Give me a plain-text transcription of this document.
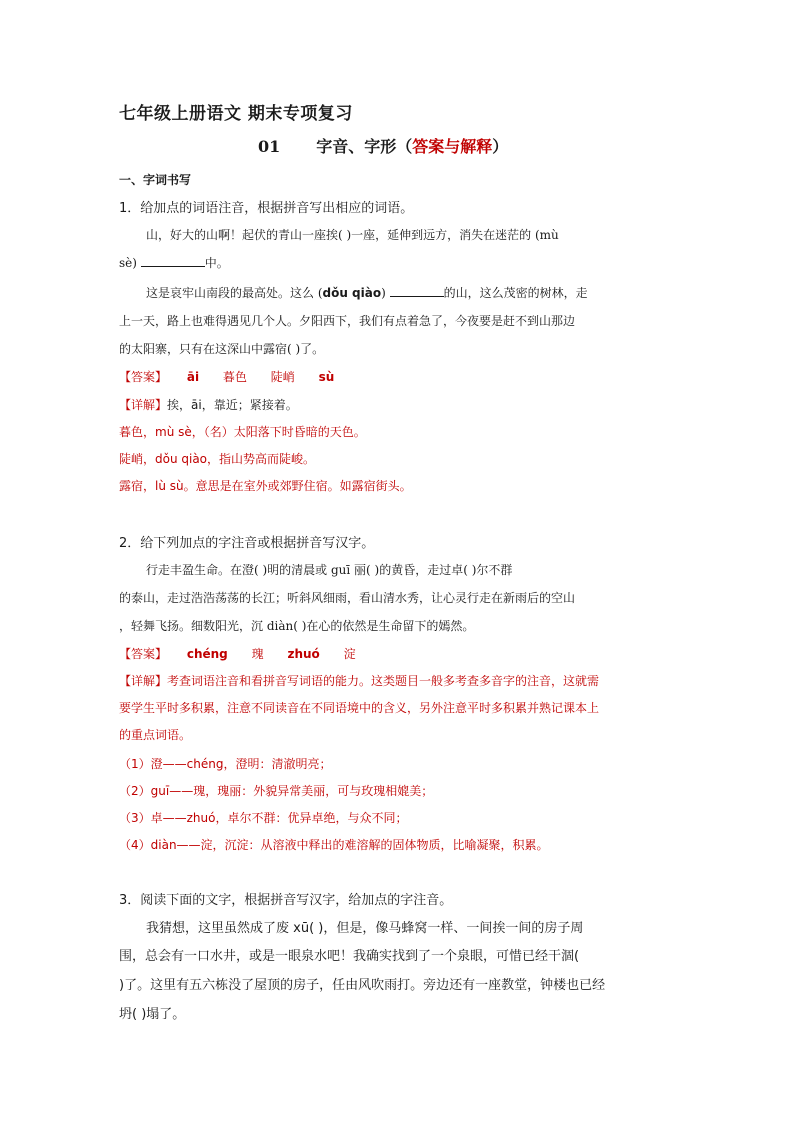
七年级上册语文 期末专项复习
01 字音、字形（答案与解释）
一、字词书写
1．给加点的词语注音，根据拼音写出相应的词语。
山，好大的山啊！起伏的青山一座挨( )一座，延伸到远方，消失在迷茫的 (mù
sè)	中。
这是哀牢山南段的最高处。这么 (dǒu qiào)	的山，这么茂密的树林，走
上一天，路上也难得遇见几个人。夕阳西下，我们有点着急了，今夜要是赶不到山那边
的太阳寨，只有在这深山中露宿( )了。
【答案】 āi 暮色 陡峭 sù
【详解】挨，āi，靠近；紧接着。
暮色，mù sè，（名）太阳落下时昏暗的天色。
陡峭，dǒu qiào，指山势高而陡峻。
露宿，lù sù。意思是在室外或郊野住宿。如露宿街头。
2．给下列加点的字注音或根据拼音写汉字。
行走丰盈生命。在澄( )明的清晨或 guī 丽( )的黄昏，走过卓( )尔不群
的泰山，走过浩浩荡荡的长江；听斜风细雨，看山清水秀，让心灵行走在新雨后的空山
，轻舞飞扬。细数阳光，沉 diàn( )在心的依然是生命留下的嫣然。
【答案】 chéng 瑰 zhuó 淀
【详解】考查词语注音和看拼音写词语的能力。这类题目一般多考查多音字的注音，这就需
要学生平时多积累，注意不同读音在不同语境中的含义，另外注意平时多积累并熟记课本上
的重点词语。
（1）澄——chéng，澄明：清澈明亮；
（2）guī——瑰，瑰丽：外貌异常美丽，可与玫瑰相媲美；
（3）卓——zhuó，卓尔不群：优异卓绝，与众不同；
（4）diàn——淀，沉淀：从溶液中释出的难溶解的固体物质，比喻凝聚，积累。
3．阅读下面的文字，根据拼音写汉字，给加点的字注音。
我猜想，这里虽然成了废 xū( )，但是，像马蜂窝一样、一间挨一间的房子周
围，总会有一口水井，或是一眼泉水吧！我确实找到了一个泉眼，可惜已经干涸(
)了。这里有五六栋没了屋顶的房子，任由风吹雨打。旁边还有一座教堂，钟楼也已经
坍( )塌了。
